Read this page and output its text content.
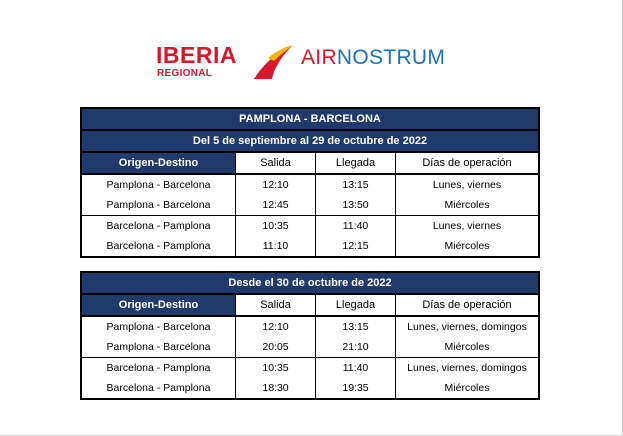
IBERIA
REGIONAL
AIRNOSTRUM
PAMPLONA - BARCELONA
Del 5 de septiembre al 29 de octubre de 2022
Origen-Destino	Salida	Llegada	Días de operación
Pamplona - Barcelona	12:10	13:15	Lunes, viernes
Pamplona - Barcelona	12:45	13:50	Miércoles
Barcelona - Pamplona	10:35	11:40	Lunes, viernes
Barcelona - Pamplona	11:10	12:15	Miércoles
Desde el 30 de octubre de 2022
Origen-Destino	Salida	Llegada	Días de operación
Pamplona - Barcelona	12:10	13:15	Lunes, viernes, domingos
Pamplona - Barcelona	20:05	21:10	Miércoles
Barcelona - Pamplona	10:35	11:40	Lunes, viernes, domingos
Barcelona - Pamplona	18:30	19:35	Miércoles
